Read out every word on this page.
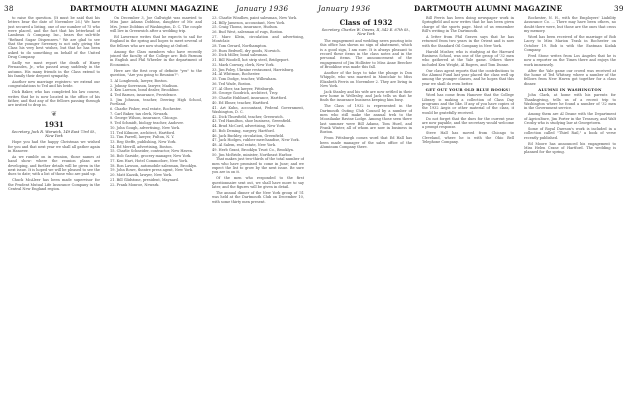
38	DARTMOUTH ALUMNI MAGAZINE January 1936

to raise the question. (It must be said that his letters bear the date of November 26.) We have just secured a listing, one of our number of 75 who were placed, and the fact that his letterhead of Lambeau & Company, Inc., bears the sub-title "Refined Sugar Dispensers." We are glad to see that the younger Sweeney is not only giving the Class his very best wishes, but that he has been asked to do something on behalf of the United Drug Company.

Sadly we must report the death of Harry Fernandes, Jr., who passed away suddenly in the autumn. His many friends in the Class extend to his family their deepest sympathy.

Another new marriage registers: we extend our congratulations to Ted and his bride.

Dick Baker, who has completed his law course, writes that he is now located in the office of his father, and that any of the fellows passing through are invited to drop in.

❦
1931
Secretary, Jack R. Warwick, 149 East 73rd St., New York

Hope you had the happy Christmas we wished for you and that next year we shall all gather again in Hanover.

As we rumble on in reunion, those names at hand show: where the reunion plans are developing, and further details will be given in the next issue. It is hoped we will be pleased to see the dues to date; with a list of those who are paid up.

Chuck McAleer has been made supervisor for the Prudent Mutual Life Insurance Company in the Central New England region.

On December 3, Joe Gallwight was married to Miss Jane Adams Dobbins, daughter of Mr. and Mrs. Jesse Dobbins of Washington, D. C. The couple will live in Greenwich after a wedding trip.

Ed Lawrence writes that he expects to sail for England in the spring and hopes to meet several of the fellows who are now studying at Oxford.

Among the Class members who have recently joined the faculty of the College are: Bob Farnum in English and Phil Wheeler in the department of Economics.

Here are the first crop of definite "yes" to the question, "Are you going to Reunion?":

1. Al Longbrook, lawyer, Boston.
2. Johnny Sorrenson, lawyer, Madison.
3. Ken Lawson, bond dealer, Brookline.
4. Ted Barnes, insurance, Providence.
5. Jim Johnson, teacher, Deering High School, Portland.
6. Charlie Fisher, real estate, Rochester.
7. Carl Baker, tax clerk, Newark.
8. George Wilson, insurance, Chicago.
9. Ted Schmidt, biology teacher, Andover.
10. John Gough, advertising, New York.
11. Ted Kilmore, architect, Hartford.
12. Tim Farrell, lawyer, Fulton, N. Y.
13. Reg Steffe, publishing, New York.
14. Ed Merrill, advertising, Boston.
15. Charlie Schneider, contractor, New Haven.
16. Bob Garside, grocery manager, New York.
17. Ken Hart, Hotel Commodore, New York.
18. Ron Lawson, automobile salesman, Brooklyn.
19. John Rowe, theatre press agent, New York.
20. Matt Kazzik, lawyer, New York.
21. Bill Glidstone, president, Maynard.
22. Frank Monroe, Newark.
23. Charlie Windlow, paint salesman, New York.
24. Billy Jameson, accountant, New York.
25. Craig Thoms, insurance, Hudson.
26. Bud West, salesman of rugs, Boston.
27. Marc Klein, circulation and advertising, Montclair.
28. Tom Gerard, Northampton.
29. Russ Bedwell, dry goods, Norwich.
30. Dick Miller, bond salesman.
31. Bill Woodell, hot strip steel, Bridgeport.
32. Mark Conway, clerk, New York.
33. Jim Foley, Ukraine restaurant, Harrisburg.
34. Al Whitman, Rochester.
35. Tom Dodge, teacher, Wilbraham.
36. Ted Wade, Boston.
37. Al Ober, tax lawyer, Pittsburgh.
38. George Goodrich, architect, Troy.
39. Charlie Hubbard, insurance, Hartford.
40. Ed Ebner, teacher, Hartford.
41. Art Kuhn, accountant, Federal Government, Washington, D. C.
42. Dick Thursfield, teacher, Greenwich.
43. Ted Hamilton, shoe business, Greenfield.
44. Brud McCord, advertising, New York.
45. Bob Deming, surgery, Hartford.
46. Jack Buckley, circulation, Greenfield.
47. Jack Hodges, rubber merchandise, New York.
48. Al Salem, real estate, New York.
49. Herb Grant, Brooklyn Trust Co., Brooklyn.
50. Jim McBride, minister, Northeast Harbor.

That makes just two-thirds of the total number of men who have promised to come in June; and we expect the list to grow by the next issue. Be sure you are in on it.

Of the men who responded to the first questionnaire sent out, we shall have more to say later, and the figures will be given in detail.

The annual dinner of the New York group of '31 was held at the Dartmouth Club on December 10, with some thirty men present.

January 1936	DARTMOUTH ALUMNI MAGAZINE	39
Class of 1932
Secretary, Charles W. Owens, II, 542 E. 67th St., New York

The engagement and wedding news pouring into this office has shown no sign of abatement, which is a good sign, I am sure. It is always pleasant to record these items in the class notes and in the personal items. The announcement of the engagement of Jim Hollister to Miss Anne Beecher of Brookline was made this fall.

Another of the boys to take the plunge is Don Whipple, who was married in Montclair to Miss Elizabeth Ferris on November 2. They are living in New York.

Jack Stanley and his wife are now settled in their new home in Wellesley, and Jack tells us that he finds the insurance business keeping him busy.

The Class of 1932 is represented in the Dartmouth Outing Club Council by a number of men who still make the annual trek to the Moosilauke Ravine Lodge. Among those seen there last summer were Bill Adams, Tom Hurd, and Frank Winter, all of whom are now in business in Boston.

From Pittsburgh comes word that Ed Hall has been made manager of the sales office of the Aluminum Company there.

Bill Ferris has been doing newspaper work in Springfield and now writes that he has been given charge of the sports page. Most of us remember Bill's writing in The Dartmouth.

A letter from Phil Graves says that he has returned from two years in the Orient and is now with the Standard Oil Company in New York.

Harold Mosher, who is studying at the Harvard Business School, was one of the group of '32 men who gathered at the Yale game. Others there included Ken Wright, Al Rogers, and Tom Dunne.

Our class agent reports that the contributions to the Alumni Fund last year placed the class well up among the younger classes, and he hopes that this year we shall do even better.

GET OUT YOUR OLD BLUE BOOKS!

Word has come from Hanover that the College Library is making a collection of Class Day programs and the like. If any of you have copies of the 1932 Aegis or other material of the class, it would be gratefully received.

Do not forget that the dues for the current year are now payable, and the secretary would welcome a prompt response.

Steve Hall has moved from Chicago to Cleveland, where he is with the Ohio Bell Telephone Company.

Rochester, N. H., with the Employers' Liability Assurance Co. ... There may have been others, no doubt there were, but those are the ones that cross my memory.

Word has been received of the marriage of Bob Lacey to Miss Marion Trask in Rochester on October 19. Bob is with the Eastman Kodak Company.

Fred Stone writes from Los Angeles that he is now a reporter on the Times there and enjoys the work immensely.

After the Yale game our crowd was received at the home of Ted Whitney, where a number of the fellows from New Haven got together for a class dinner.

ALUMNI IN WASHINGTON

John Clark, at home with his parents for Thanksgiving, tells us of a recent trip to Washington where he found a number of '32 men in the Government service.

Among them are Al Deane with the Department of Agriculture, Jim Porter in the Treasury, and Walt Crosby who is studying law at Georgetown.

Some of Royal Dawson's work is included in a collection called "Third Rail," a book of verse recently published.

Ed Moore has announced his engagement to Miss Helen Crane of Hartford. The wedding is planned for the spring.
